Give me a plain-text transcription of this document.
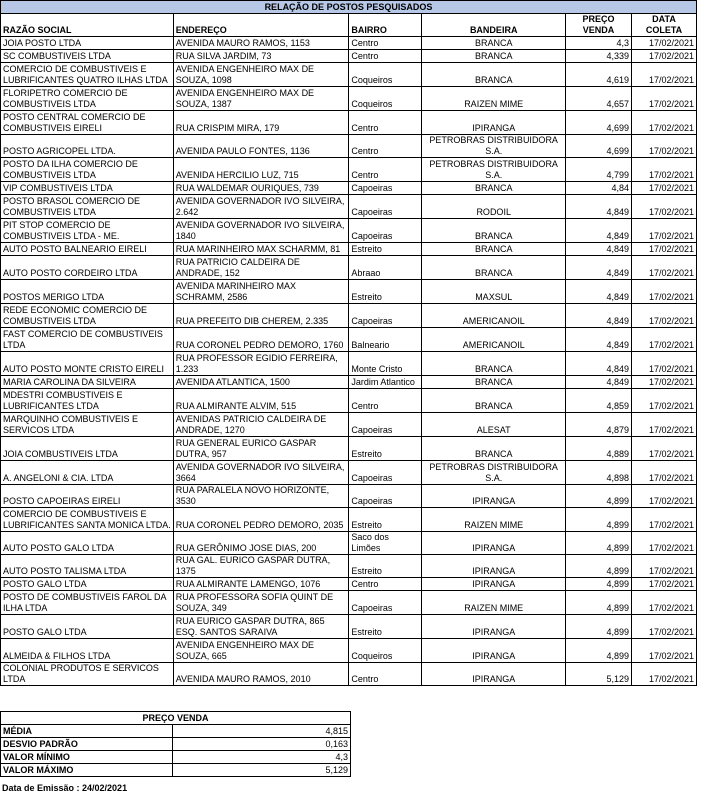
RELAÇÃO DE POSTOS PESQUISADOS					
RAZÃO SOCIAL	ENDEREÇO	BAIRRO	BANDEIRA	PREÇO VENDA	DATA COLETA
JOIA POSTO LTDA	AVENIDA MAURO RAMOS, 1153	Centro	BRANCA	4,3	17/02/2021
SC COMBUSTIVEIS LTDA	RUA SILVA JARDIM, 73	Centro	BRANCA	4,339	17/02/2021
COMERCIO DE COMBUSTIVEIS E LUBRIFICANTES QUATRO ILHAS LTDA	AVENIDA ENGENHEIRO MAX DE SOUZA, 1098	Coqueiros	BRANCA	4,619	17/02/2021
FLORIPETRO COMERCIO DE COMBUSTIVEIS LTDA	AVENIDA ENGENHEIRO MAX DE SOUZA, 1387	Coqueiros	RAIZEN MIME	4,657	17/02/2021
POSTO CENTRAL COMERCIO DE COMBUSTIVEIS EIRELI	RUA CRISPIM MIRA, 179	Centro	IPIRANGA	4,699	17/02/2021
POSTO AGRICOPEL LTDA.	AVENIDA PAULO FONTES, 1136	Centro	PETROBRAS DISTRIBUIDORA S.A.	4,699	17/02/2021
POSTO DA ILHA COMERCIO DE COMBUSTIVEIS LTDA	AVENIDA HERCILIO LUZ, 715	Centro	PETROBRAS DISTRIBUIDORA S.A.	4,799	17/02/2021
VIP COMBUSTIVEIS LTDA	RUA WALDEMAR OURIQUES, 739	Capoeiras	BRANCA	4,84	17/02/2021
POSTO BRASOL COMERCIO DE COMBUSTIVEIS LTDA	AVENIDA GOVERNADOR IVO SILVEIRA, 2.642	Capoeiras	RODOIL	4,849	17/02/2021
PIT STOP COMERCIO DE COMBUSTIVEIS LTDA - ME.	AVENIDA GOVERNADOR IVO SILVEIRA, 1840	Capoeiras	BRANCA	4,849	17/02/2021
AUTO POSTO BALNEARIO EIRELI	RUA MARINHEIRO MAX SCHARMM, 81	Estreito	BRANCA	4,849	17/02/2021
AUTO POSTO CORDEIRO LTDA	RUA PATRICIO CALDEIRA DE ANDRADE, 152	Abraao	BRANCA	4,849	17/02/2021
POSTOS MERIGO LTDA	AVENIDA MARINHEIRO MAX SCHRAMM, 2586	Estreito	MAXSUL	4,849	17/02/2021
REDE ECONOMIC COMERCIO DE COMBUSTIVEIS LTDA	RUA PREFEITO DIB CHEREM, 2.335	Capoeiras	AMERICANOIL	4,849	17/02/2021
FAST COMERCIO DE COMBUSTIVEIS LTDA	RUA CORONEL PEDRO DEMORO, 1760	Balneario	AMERICANOIL	4,849	17/02/2021
AUTO POSTO MONTE CRISTO EIRELI	RUA PROFESSOR EGIDIO FERREIRA, 1.233	Monte Cristo	BRANCA	4,849	17/02/2021
MARIA CAROLINA DA SILVEIRA	AVENIDA ATLANTICA, 1500	Jardim Atlantico	BRANCA	4,849	17/02/2021
MDESTRI COMBUSTIVEIS E LUBRIFICANTES LTDA	RUA ALMIRANTE ALVIM, 515	Centro	BRANCA	4,859	17/02/2021
MARQUINHO COMBUSTIVEIS E SERVICOS LTDA	AVENIDAS PATRICIO CALDEIRA DE ANDRADE, 1270	Capoeiras	ALESAT	4,879	17/02/2021
JOIA COMBUSTIVEIS LTDA	RUA GENERAL EURICO GASPAR DUTRA, 957	Estreito	BRANCA	4,889	17/02/2021
A. ANGELONI & CIA. LTDA	AVENIDA GOVERNADOR IVO SILVEIRA, 3664	Capoeiras	PETROBRAS DISTRIBUIDORA S.A.	4,898	17/02/2021
POSTO CAPOEIRAS EIRELI	RUA PARALELA NOVO HORIZONTE, 3530	Capoeiras	IPIRANGA	4,899	17/02/2021
COMERCIO DE COMBUSTIVEIS E LUBRIFICANTES SANTA MONICA LTDA.	RUA CORONEL PEDRO DEMORO, 2035	Estreito	RAIZEN MIME	4,899	17/02/2021
AUTO POSTO GALO LTDA	RUA GERÔNIMO JOSE DIAS, 200	Saco dos Limões	IPIRANGA	4,899	17/02/2021
AUTO POSTO TALISMA LTDA	RUA GAL. EURICO GASPAR DUTRA, 1375	Estreito	IPIRANGA	4,899	17/02/2021
POSTO GALO LTDA	RUA ALMIRANTE LAMENGO, 1076	Centro	IPIRANGA	4,899	17/02/2021
POSTO DE COMBUSTIVEIS FAROL DA ILHA LTDA	RUA PROFESSORA SOFIA QUINT DE SOUZA, 349	Capoeiras	RAIZEN MIME	4,899	17/02/2021
POSTO GALO LTDA	RUA EURICO GASPAR DUTRA, 865 ESQ. SANTOS SARAIVA	Estreito	IPIRANGA	4,899	17/02/2021
ALMEIDA & FILHOS LTDA	AVENIDA ENGENHEIRO MAX DE SOUZA, 665	Coqueiros	IPIRANGA	4,899	17/02/2021
COLONIAL PRODUTOS E SERVICOS LTDA	AVENIDA MAURO RAMOS, 2010	Centro	IPIRANGA	5,129	17/02/2021
PREÇO VENDA	
MÉDIA	4,815
DESVIO PADRÃO	0,163
VALOR MÍNIMO	4,3
VALOR MÁXIMO	5,129
Data de Emissão : 24/02/2021
